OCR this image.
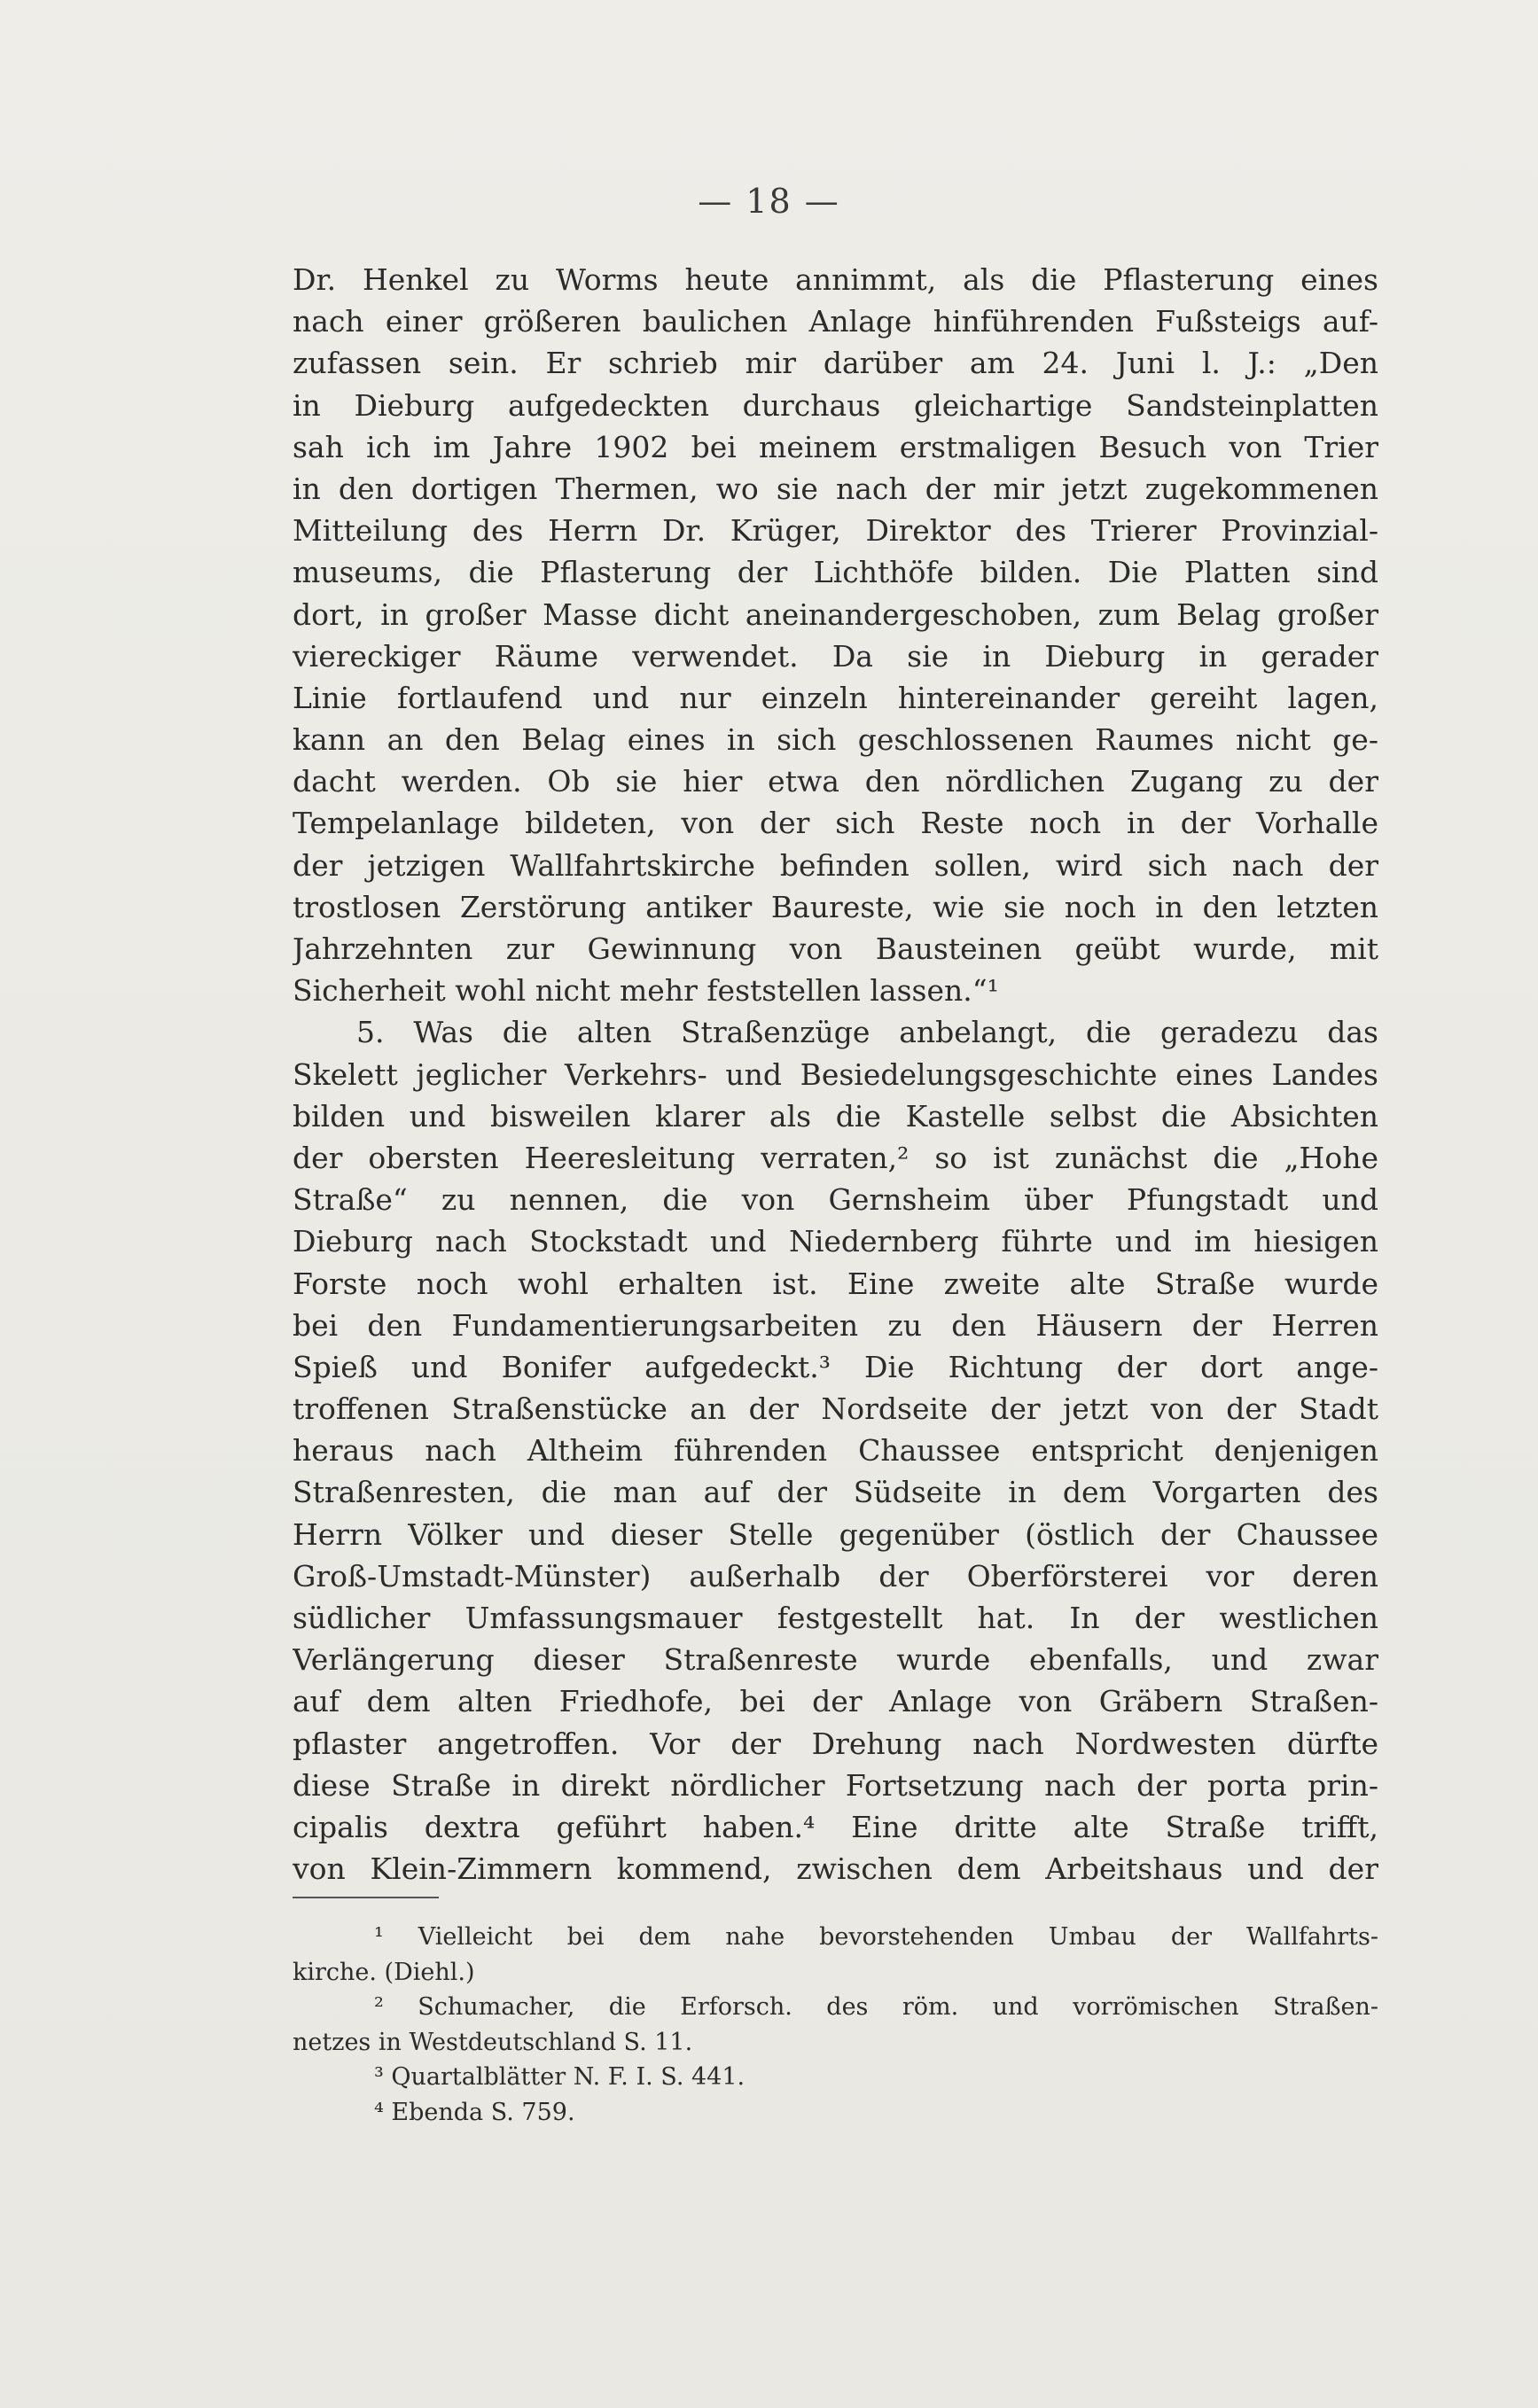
— 18 —
Dr. Henkel zu Worms heute annimmt, als die Pflasterung eines
nach einer größeren baulichen Anlage hinführenden Fußsteigs auf-
zufassen sein. Er schrieb mir darüber am 24. Juni l. J.: „Den
in Dieburg aufgedeckten durchaus gleichartige Sandsteinplatten
sah ich im Jahre 1902 bei meinem erstmaligen Besuch von Trier
in den dortigen Thermen, wo sie nach der mir jetzt zugekommenen
Mitteilung des Herrn Dr. Krüger, Direktor des Trierer Provinzial-
museums, die Pflasterung der Lichthöfe bilden. Die Platten sind
dort, in großer Masse dicht aneinandergeschoben, zum Belag großer
viereckiger Räume verwendet. Da sie in Dieburg in gerader
Linie fortlaufend und nur einzeln hintereinander gereiht lagen,
kann an den Belag eines in sich geschlossenen Raumes nicht ge-
dacht werden. Ob sie hier etwa den nördlichen Zugang zu der
Tempelanlage bildeten, von der sich Reste noch in der Vorhalle
der jetzigen Wallfahrtskirche befinden sollen, wird sich nach der
trostlosen Zerstörung antiker Baureste, wie sie noch in den letzten
Jahrzehnten zur Gewinnung von Bausteinen geübt wurde, mit
Sicherheit wohl nicht mehr feststellen lassen.“¹
5. Was die alten Straßenzüge anbelangt, die geradezu das
Skelett jeglicher Verkehrs- und Besiedelungsgeschichte eines Landes
bilden und bisweilen klarer als die Kastelle selbst die Absichten
der obersten Heeresleitung verraten,² so ist zunächst die „Hohe
Straße“ zu nennen, die von Gernsheim über Pfungstadt und
Dieburg nach Stockstadt und Niedernberg führte und im hiesigen
Forste noch wohl erhalten ist. Eine zweite alte Straße wurde
bei den Fundamentierungsarbeiten zu den Häusern der Herren
Spieß und Bonifer aufgedeckt.³ Die Richtung der dort ange-
troffenen Straßenstücke an der Nordseite der jetzt von der Stadt
heraus nach Altheim führenden Chaussee entspricht denjenigen
Straßenresten, die man auf der Südseite in dem Vorgarten des
Herrn Völker und dieser Stelle gegenüber (östlich der Chaussee
Groß-Umstadt-Münster) außerhalb der Oberförsterei vor deren
südlicher Umfassungsmauer festgestellt hat. In der westlichen
Verlängerung dieser Straßenreste wurde ebenfalls, und zwar
auf dem alten Friedhofe, bei der Anlage von Gräbern Straßen-
pflaster angetroffen. Vor der Drehung nach Nordwesten dürfte
diese Straße in direkt nördlicher Fortsetzung nach der porta prin-
cipalis dextra geführt haben.⁴ Eine dritte alte Straße trifft,
von Klein-Zimmern kommend, zwischen dem Arbeitshaus und der
¹ Vielleicht bei dem nahe bevorstehenden Umbau der Wallfahrts-
kirche. (Diehl.)
² Schumacher, die Erforsch. des röm. und vorrömischen Straßen-
netzes in Westdeutschland S. 11.
³ Quartalblätter N. F. I. S. 441.
⁴ Ebenda S. 759.
